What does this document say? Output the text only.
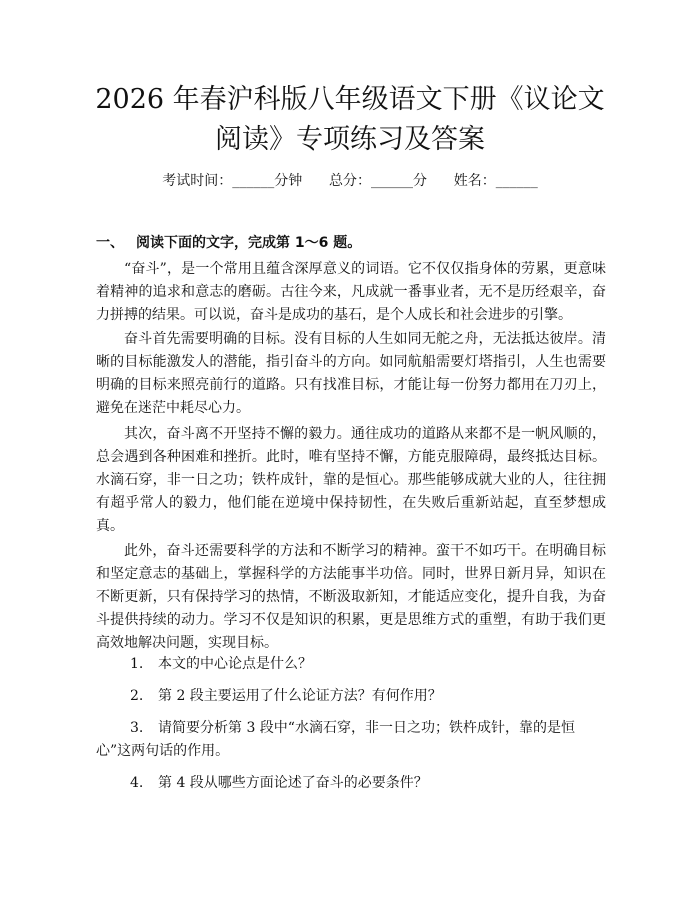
2026 年春沪科版八年级语文下册《议论文阅读》专项练习及答案
考试时间：______分钟      总分：______分      姓名：______
一、 阅读下面的文字，完成第 1～6 题。

“奋斗”，是一个常用且蕴含深厚意义的词语。它不仅仅指身体的劳累，更意味着精神的追求和意志的磨砺。古往今来，凡成就一番事业者，无不是历经艰辛，奋力拼搏的结果。可以说，奋斗是成功的基石，是个人成长和社会进步的引擎。

奋斗首先需要明确的目标。没有目标的人生如同无舵之舟，无法抵达彼岸。清晰的目标能激发人的潜能，指引奋斗的方向。如同航船需要灯塔指引，人生也需要明确的目标来照亮前行的道路。只有找准目标，才能让每一份努力都用在刀刃上，避免在迷茫中耗尽心力。

其次，奋斗离不开坚持不懈的毅力。通往成功的道路从来都不是一帆风顺的，总会遇到各种困难和挫折。此时，唯有坚持不懈，方能克服障碍，最终抵达目标。水滴石穿，非一日之功；铁杵成针，靠的是恒心。那些能够成就大业的人，往往拥有超乎常人的毅力，他们能在逆境中保持韧性，在失败后重新站起，直至梦想成真。

此外，奋斗还需要科学的方法和不断学习的精神。蛮干不如巧干。在明确目标和坚定意志的基础上，掌握科学的方法能事半功倍。同时，世界日新月异，知识在不断更新，只有保持学习的热情，不断汲取新知，才能适应变化，提升自我，为奋斗提供持续的动力。学习不仅是知识的积累，更是思维方式的重塑，有助于我们更高效地解决问题，实现目标。

1. 本文的中心论点是什么？

2. 第 2 段主要运用了什么论证方法？有何作用？

3. 请简要分析第 3 段中“水滴石穿，非一日之功；铁杵成针，靠的是恒心”这两句话的作用。

4. 第 4 段从哪些方面论述了奋斗的必要条件？
